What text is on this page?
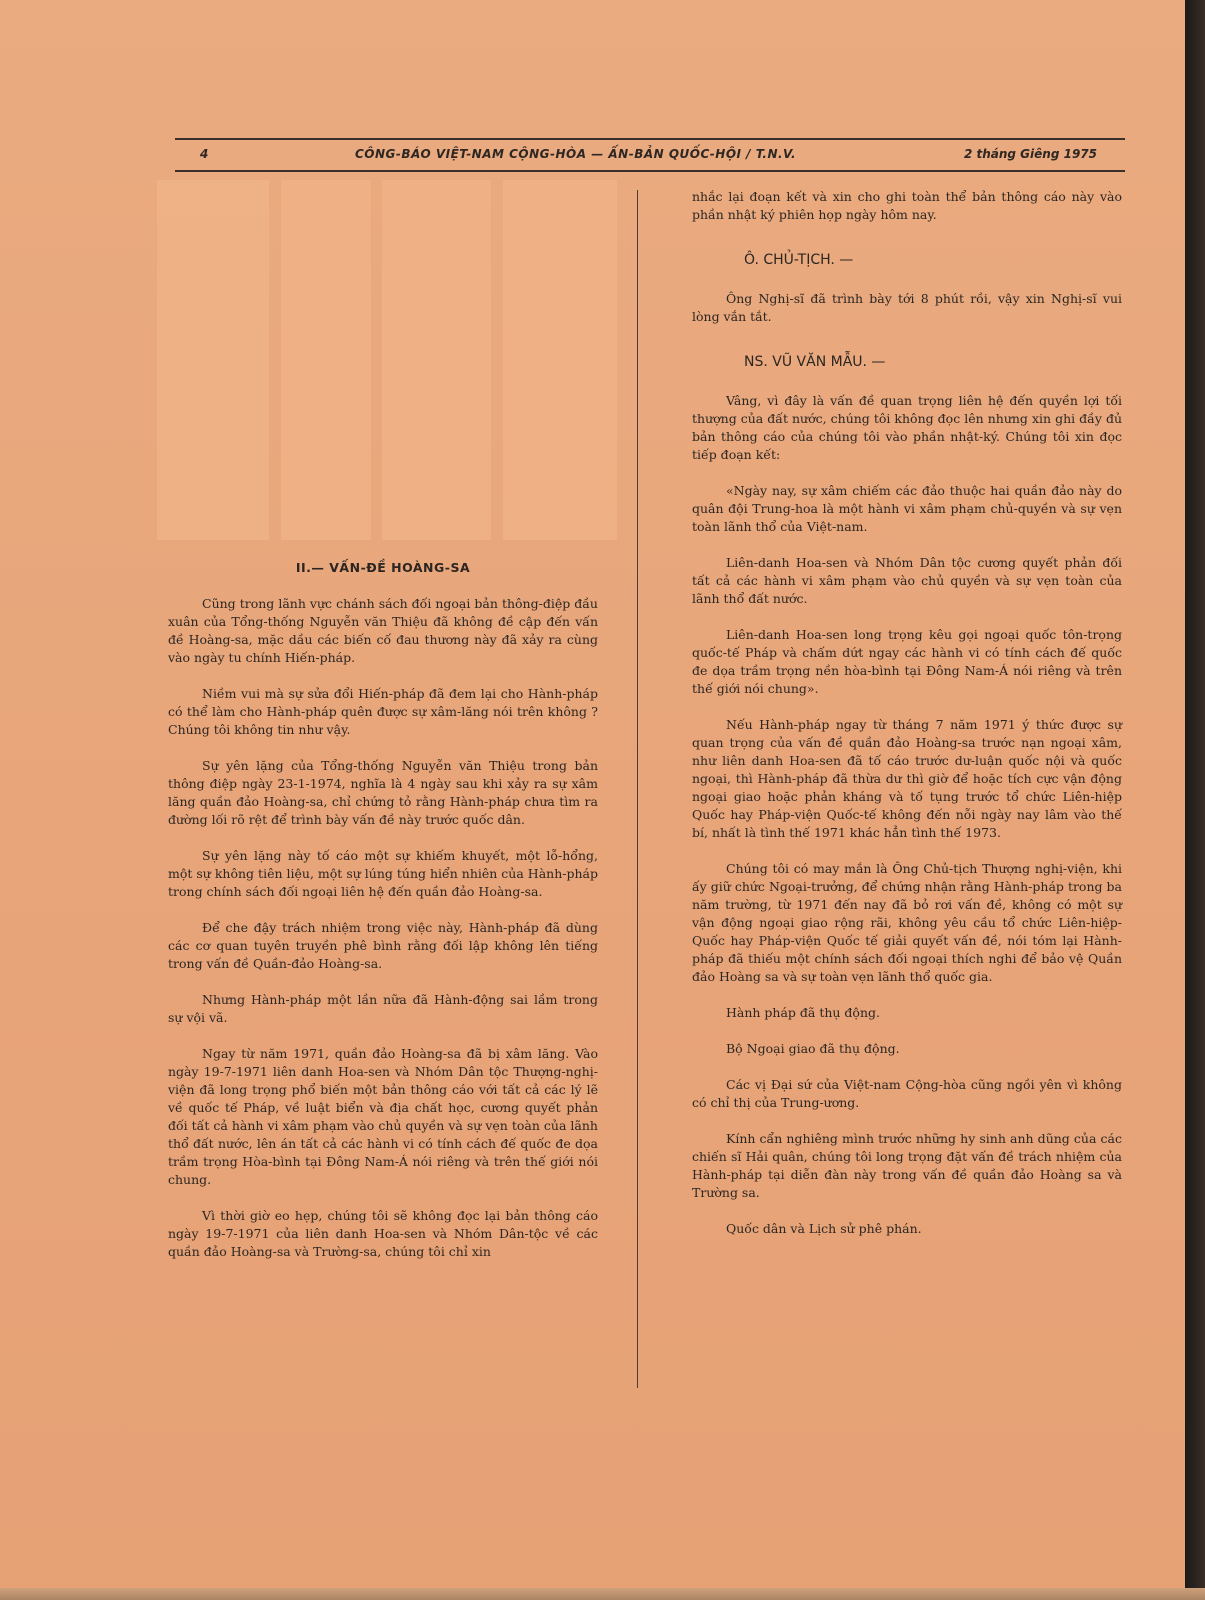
4	CÔNG-BÁO VIỆT-NAM CỘNG-HÒA — ẤN-BẢN QUỐC-HỘI / T.N.V.	2 tháng Giêng 1975
II.— VẤN-ĐỀ HOÀNG-SA

Cũng trong lãnh vực chánh sách đối ngoại bản thông-điệp đầu xuân của Tổng-thống Nguyễn văn Thiệu đã không đề cập đến vấn đề Hoàng-sa, mặc dầu các biến cố đau thương này đã xảy ra cùng vào ngày tu chính Hiến-pháp.

Niềm vui mà sự sửa đổi Hiến-pháp đã đem lại cho Hành-pháp có thể làm cho Hành-pháp quên được sự xâm-lăng nói trên không ? Chúng tôi không tin như vậy.

Sự yên lặng của Tổng-thống Nguyễn văn Thiệu trong bản thông điệp ngày 23-1-1974, nghĩa là 4 ngày sau khi xảy ra sự xâm lăng quần đảo Hoàng-sa, chỉ chứng tỏ rằng Hành-pháp chưa tìm ra đường lối rõ rệt để trình bày vấn đề này trước quốc dân.

Sự yên lặng này tố cáo một sự khiếm khuyết, một lỗ-hổng, một sự không tiên liệu, một sự lúng túng hiển nhiên của Hành-pháp trong chính sách đối ngoại liên hệ đến quần đảo Hoàng-sa.

Để che đậy trách nhiệm trong việc này, Hành-pháp đã dùng các cơ quan tuyên truyền phê bình rằng đối lập không lên tiếng trong vấn đề Quần-đảo Hoàng-sa.

Nhưng Hành-pháp một lần nữa đã Hành-động sai lầm trong sự vội vã.

Ngay từ năm 1971, quần đảo Hoàng-sa đã bị xâm lăng. Vào ngày 19-7-1971 liên danh Hoa-sen và Nhóm Dân tộc Thượng-nghị-viện đã long trọng phổ biến một bản thông cáo với tất cả các lý lẽ về quốc tế Pháp, về luật biển và địa chất học, cương quyết phản đối tất cả hành vi xâm phạm vào chủ quyền và sự vẹn toàn của lãnh thổ đất nước, lên án tất cả các hành vi có tính cách đế quốc đe dọa trầm trọng Hòa-bình tại Đông Nam-Á nói riêng và trên thế giới nói chung.

Vì thời giờ eo hẹp, chúng tôi sẽ không đọc lại bản thông cáo ngày 19-7-1971 của liên danh Hoa-sen và Nhóm Dân-tộc về các quần đảo Hoàng-sa và Trường-sa, chúng tôi chỉ xin

nhắc lại đoạn kết và xin cho ghi toàn thể bản thông cáo này vào phần nhật ký phiên họp ngày hôm nay.

Ô. CHỦ-TỊCH. —

Ông Nghị-sĩ đã trình bày tới 8 phút rồi, vậy xin Nghị-sĩ vui lòng vắn tắt.

NS. VŨ VĂN MẪU. —

Vâng, vì đây là vấn đề quan trọng liên hệ đến quyền lợi tối thượng của đất nước, chúng tôi không đọc lên nhưng xin ghi đầy đủ bản thông cáo của chúng tôi vào phần nhật-ký. Chúng tôi xin đọc tiếp đoạn kết:

«Ngày nay, sự xâm chiếm các đảo thuộc hai quần đảo này do quân đội Trung-hoa là một hành vi xâm phạm chủ-quyền và sự vẹn toàn lãnh thổ của Việt-nam.

Liên-danh Hoa-sen và Nhóm Dân tộc cương quyết phản đối tất cả các hành vi xâm phạm vào chủ quyền và sự vẹn toàn của lãnh thổ đất nước.

Liên-danh Hoa-sen long trọng kêu gọi ngoại quốc tôn-trọng quốc-tế Pháp và chấm dứt ngay các hành vi có tính cách đế quốc đe dọa trầm trọng nền hòa-bình tại Đông Nam-Á nói riêng và trên thế giới nói chung».

Nếu Hành-pháp ngay từ tháng 7 năm 1971 ý thức được sự quan trọng của vấn đề quần đảo Hoàng-sa trước nạn ngoại xâm, như liên danh Hoa-sen đã tố cáo trước dư-luận quốc nội và quốc ngoại, thì Hành-pháp đã thừa dư thì giờ để hoặc tích cực vận động ngoại giao hoặc phản kháng và tố tụng trước tổ chức Liên-hiệp Quốc hay Pháp-viện Quốc-tế không đến nỗi ngày nay lâm vào thế bí, nhất là tình thế 1971 khác hẳn tình thế 1973.

Chúng tôi có may mắn là Ông Chủ-tịch Thượng nghị-viện, khi ấy giữ chức Ngoại-trưởng, để chứng nhận rằng Hành-pháp trong ba năm trường, từ 1971 đến nay đã bỏ rơi vấn đề, không có một sự vận động ngoại giao rộng rãi, không yêu cầu tổ chức Liên-hiệp-Quốc hay Pháp-viện Quốc tế giải quyết vấn đề, nói tóm lại Hành-pháp đã thiếu một chính sách đối ngoại thích nghi để bảo vệ Quần đảo Hoàng sa và sự toàn vẹn lãnh thổ quốc gia.

Hành pháp đã thụ động.

Bộ Ngoại giao đã thụ động.

Các vị Đại sứ của Việt-nam Cộng-hòa cũng ngồi yên vì không có chỉ thị của Trung-ương.

Kính cẩn nghiêng mình trước những hy sinh anh dũng của các chiến sĩ Hải quân, chúng tôi long trọng đặt vấn đề trách nhiệm của Hành-pháp tại diễn đàn này trong vấn đề quần đảo Hoàng sa và Trường sa.

Quốc dân và Lịch sử phê phán.
